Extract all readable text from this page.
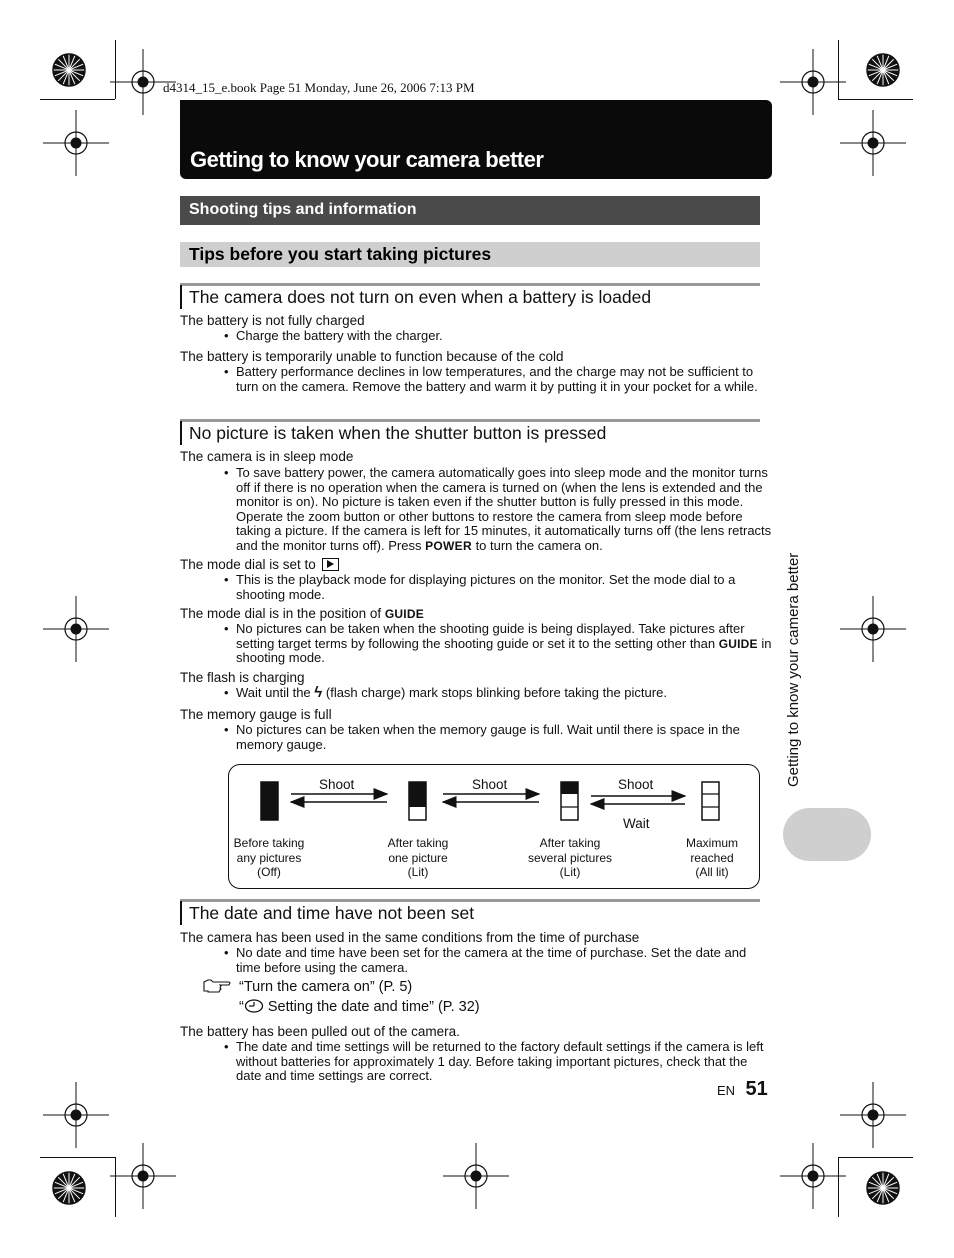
d4314_15_e.book Page 51 Monday, June 26, 2006 7:13 PM
Getting to know your camera better
Shooting tips and information
Tips before you start taking pictures
The camera does not turn on even when a battery is loaded
The battery is not fully charged
• Charge the battery with the charger.
The battery is temporarily unable to function because of the cold
• Battery performance declines in low temperatures, and the charge may not be sufficient to turn on the camera. Remove the battery and warm it by putting it in your pocket for a while.
No picture is taken when the shutter button is pressed
The camera is in sleep mode
• To save battery power, the camera automatically goes into sleep mode and the monitor turns off if there is no operation when the camera is turned on (when the lens is extended and the monitor is on). No picture is taken even if the shutter button is fully pressed in this mode. Operate the zoom button or other buttons to restore the camera from sleep mode before taking a picture. If the camera is left for 15 minutes, it automatically turns off (the lens retracts and the monitor turns off). Press POWER to turn the camera on.
The mode dial is set to
• This is the playback mode for displaying pictures on the monitor. Set the mode dial to a shooting mode.
The mode dial is in the position of GUIDE
• No pictures can be taken when the shooting guide is being displayed. Take pictures after setting target terms by following the shooting guide or set it to the setting other than GUIDE in shooting mode.
The flash is charging
• Wait until the ϟ (flash charge) mark stops blinking before taking the picture.
The memory gauge is full
• No pictures can be taken when the memory gauge is full. Wait until there is space in the memory gauge.
Shoot	Shoot	Shoot
Wait
Before taking
any pictures
(Off)
After taking
one picture
(Lit)
After taking
several pictures
(Lit)
Maximum
reached
(All lit)
The date and time have not been set
The camera has been used in the same conditions from the time of purchase
• No date and time have been set for the camera at the time of purchase. Set the date and time before using the camera.
“Turn the camera on” (P. 5)
“ Setting the date and time” (P. 32)
The battery has been pulled out of the camera.
• The date and time settings will be returned to the factory default settings if the camera is left without batteries for approximately 1 day. Before taking important pictures, check that the date and time settings are correct.
Getting to know your camera better
EN 51
